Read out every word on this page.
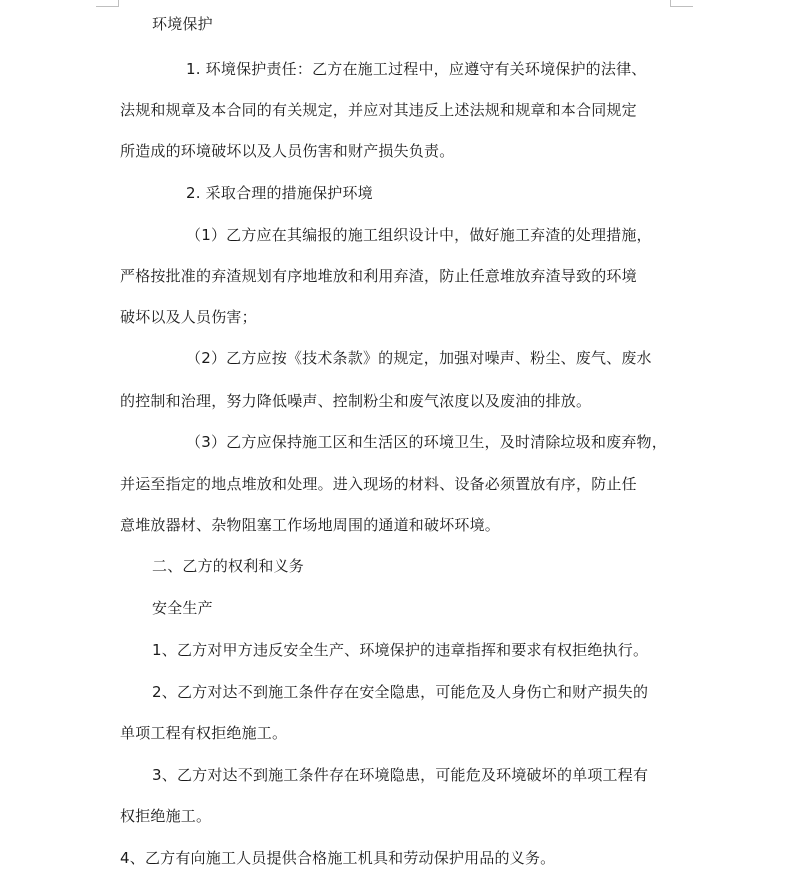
环境保护
1. 环境保护责任：乙方在施工过程中，应遵守有关环境保护的法律、
法规和规章及本合同的有关规定，并应对其违反上述法规和规章和本合同规定
所造成的环境破坏以及人员伤害和财产损失负责。
2. 采取合理的措施保护环境
（1）乙方应在其编报的施工组织设计中，做好施工弃渣的处理措施，
严格按批准的弃渣规划有序地堆放和利用弃渣，防止任意堆放弃渣导致的环境
破坏以及人员伤害；
（2）乙方应按《技术条款》的规定，加强对噪声、粉尘、废气、废水
的控制和治理，努力降低噪声、控制粉尘和废气浓度以及废油的排放。
（3）乙方应保持施工区和生活区的环境卫生，及时清除垃圾和废弃物，
并运至指定的地点堆放和处理。进入现场的材料、设备必须置放有序，防止任
意堆放器材、杂物阻塞工作场地周围的通道和破坏环境。
二、乙方的权利和义务
安全生产
1、乙方对甲方违反安全生产、环境保护的违章指挥和要求有权拒绝执行。
2、乙方对达不到施工条件存在安全隐患，可能危及人身伤亡和财产损失的
单项工程有权拒绝施工。
3、乙方对达不到施工条件存在环境隐患，可能危及环境破坏的单项工程有
权拒绝施工。
4、乙方有向施工人员提供合格施工机具和劳动保护用品的义务。
